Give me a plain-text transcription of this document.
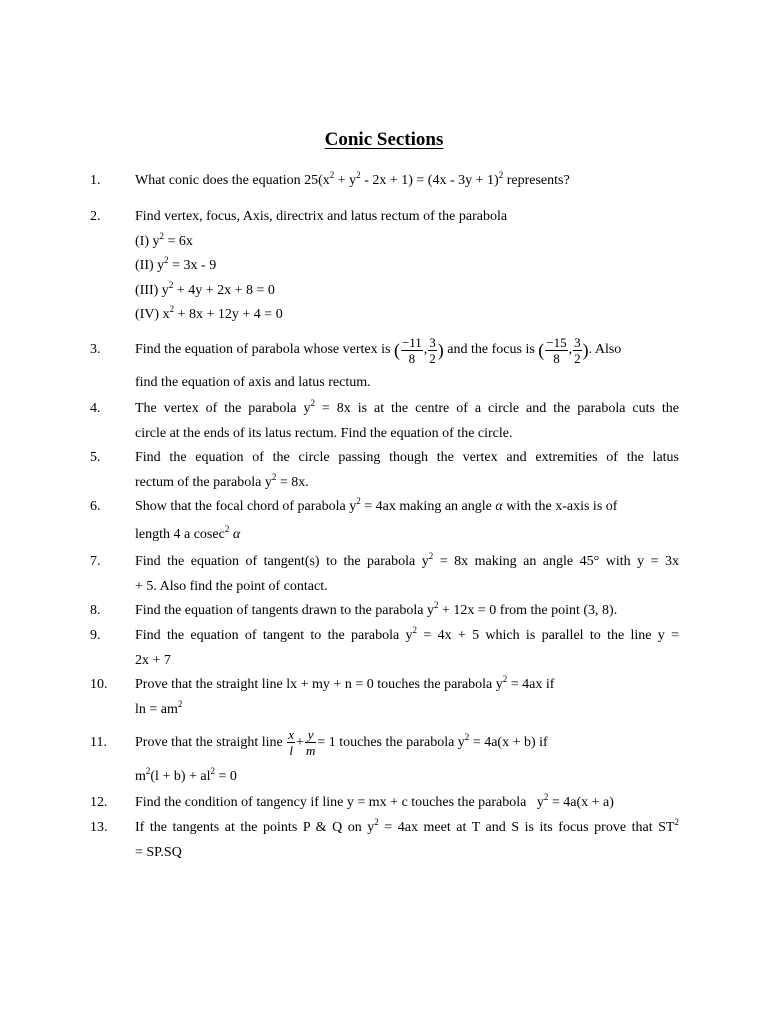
Conic Sections
1. What conic does the equation $25(x^2 + y^2 - 2x + 1) = (4x - 3y + 1)^2$ represents?
2. Find vertex, focus, Axis, directrix and latus rectum of the parabola
(I) $y^2 = 6x$
(II) $y^2 = 3x - 9$
(III) $y^2 + 4y + 2x + 8 = 0$
(IV) $x^2 + 8x + 12y + 4 = 0$
3. Find the equation of parabola whose vertex is ( $\frac{-11}{8}$ , $\frac{3}{2}$ ) and the focus is ( $\frac{-15}{8}$ , $\frac{3}{2}$ ). Also
find the equation of axis and latus rectum.
4. The vertex of the parabola $y^2 = 8x$ is at the centre of a circle and the parabola cuts the
circle at the ends of its latus rectum. Find the equation of the circle.
5. Find the equation of the circle passing though the vertex and extremities of the latus
rectum of the parabola $y^2 = 8x$.
6. Show that the focal chord of parabola $y^2 = 4ax$ making an angle α with the x-axis is of
length 4 a cosec$^2$ α
7. Find the equation of tangent(s) to the parabola $y^2 = 8x$ making an angle 45° with y = 3x
+ 5. Also find the point of contact.
8. Find the equation of tangents drawn to the parabola $y^2 + 12x = 0$ from the point (3, 8).
9. Find the equation of tangent to the parabola $y^2 = 4x + 5$ which is parallel to the line y =
2x + 7
10. Prove that the straight line lx + my + n = 0 touches the parabola $y^2 = 4ax$ if
$\ln = am^2$
11. Prove that the straight line $\frac{x}{l} + \frac{y}{m} = 1$ touches the parabola $y^2 = 4a(x + b)$ if
$m^2(l + b) + al^2 = 0$
12. Find the condition of tangency if line y = mx + c touches the parabola $y^2 = 4a(x + a)$
13. If the tangents at the points P & Q on $y^2 = 4ax$ meet at T and S is its focus prove that $ST^2$
= SP.SQ
